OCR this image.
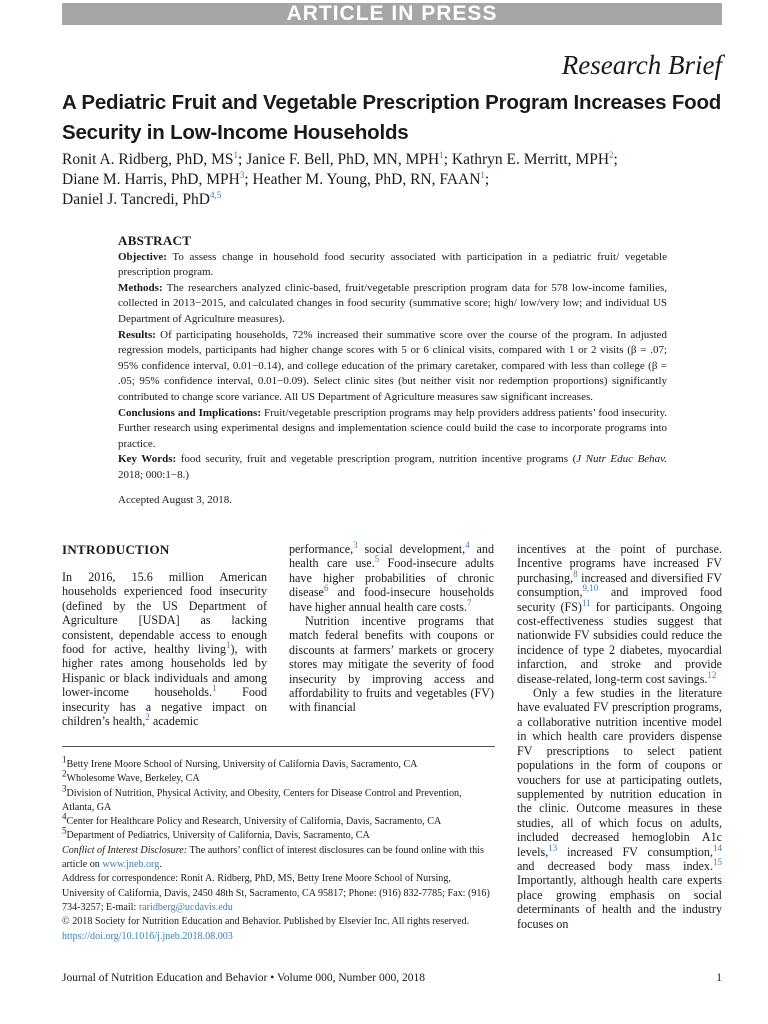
ARTICLE IN PRESS
Research Brief
A Pediatric Fruit and Vegetable Prescription Program Increases Food Security in Low-Income Households
Ronit A. Ridberg, PhD, MS$^1$; Janice F. Bell, PhD, MN, MPH$^1$; Kathryn E. Merritt, MPH$^2$;
Diane M. Harris, PhD, MPH$^3$; Heather M. Young, PhD, RN, FAAN$^1$;
Daniel J. Tancredi, PhD$^{4,5}$
ABSTRACT

Objective: To assess change in household food security associated with participation in a pediatric fruit/ vegetable prescription program.

Methods: The researchers analyzed clinic-based, fruit/vegetable prescription program data for 578 low-income families, collected in 2013−2015, and calculated changes in food security (summative score; high/ low/very low; and individual US Department of Agriculture measures).

Results: Of participating households, 72% increased their summative score over the course of the program. In adjusted regression models, participants had higher change scores with 5 or 6 clinical visits, compared with 1 or 2 visits (β = .07; 95% confidence interval, 0.01−0.14), and college education of the primary caretaker, compared with less than college (β = .05; 95% confidence interval, 0.01−0.09). Select clinic sites (but neither visit nor redemption proportions) significantly contributed to change score variance. All US Department of Agriculture measures saw significant increases.

Conclusions and Implications: Fruit/vegetable prescription programs may help providers address patients’ food insecurity. Further research using experimental designs and implementation science could build the case to incorporate programs into practice.

Key Words: food security, fruit and vegetable prescription program, nutrition incentive programs (J Nutr Educ Behav. 2018; 000:1−8.)

Accepted August 3, 2018.

INTRODUCTION

In 2016, 15.6 million American households experienced food insecurity (defined by the US Department of Agriculture [USDA] as lacking consistent, dependable access to enough food for active, healthy living$^1$), with higher rates among households led by Hispanic or black individuals and among lower-income households.$^1$ Food insecurity has a negative impact on children’s health,$^2$ academic

performance,$^3$ social development,$^4$ and health care use.$^5$ Food-insecure adults have higher probabilities of chronic disease$^6$ and food-insecure households have higher annual health care costs.$^7$

Nutrition incentive programs that match federal benefits with coupons or discounts at farmers’ markets or grocery stores may mitigate the severity of food insecurity by improving access and affordability to fruits and vegetables (FV) with financial

incentives at the point of purchase. Incentive programs have increased FV purchasing,$^8$ increased and diversified FV consumption,$^{9,10}$ and improved food security (FS)$^{11}$ for participants. Ongoing cost-effectiveness studies suggest that nationwide FV subsidies could reduce the incidence of type 2 diabetes, myocardial infarction, and stroke and provide disease-related, long-term cost savings.$^{12}$

Only a few studies in the literature have evaluated FV prescription programs, a collaborative nutrition incentive model in which health care providers dispense FV prescriptions to select patient populations in the form of coupons or vouchers for use at participating outlets, supplemented by nutrition education in the clinic. Outcome measures in these studies, all of which focus on adults, included decreased hemoglobin A1c levels,$^{13}$ increased FV consumption,$^{14}$ and decreased body mass index.$^{15}$ Importantly, although health care experts place growing emphasis on social determinants of health and the industry focuses on

$^1$Betty Irene Moore School of Nursing, University of California Davis, Sacramento, CA

$^2$Wholesome Wave, Berkeley, CA

$^3$Division of Nutrition, Physical Activity, and Obesity, Centers for Disease Control and Prevention, Atlanta, GA

$^4$Center for Healthcare Policy and Research, University of California, Davis, Sacramento, CA

$^5$Department of Pediatrics, University of California, Davis, Sacramento, CA

Conflict of Interest Disclosure: The authors’ conflict of interest disclosures can be found online with this article on www.jneb.org.

Address for correspondence: Ronit A. Ridberg, PhD, MS, Betty Irene Moore School of Nursing, University of California, Davis, 2450 48th St, Sacramento, CA 95817; Phone: (916) 832-7785; Fax: (916) 734-3257; E-mail: raridberg@ucdavis.edu

© 2018 Society for Nutrition Education and Behavior. Published by Elsevier Inc. All rights reserved.

https://doi.org/10.1016/j.jneb.2018.08.003

Journal of Nutrition Education and Behavior • Volume 000, Number 000, 2018	1
